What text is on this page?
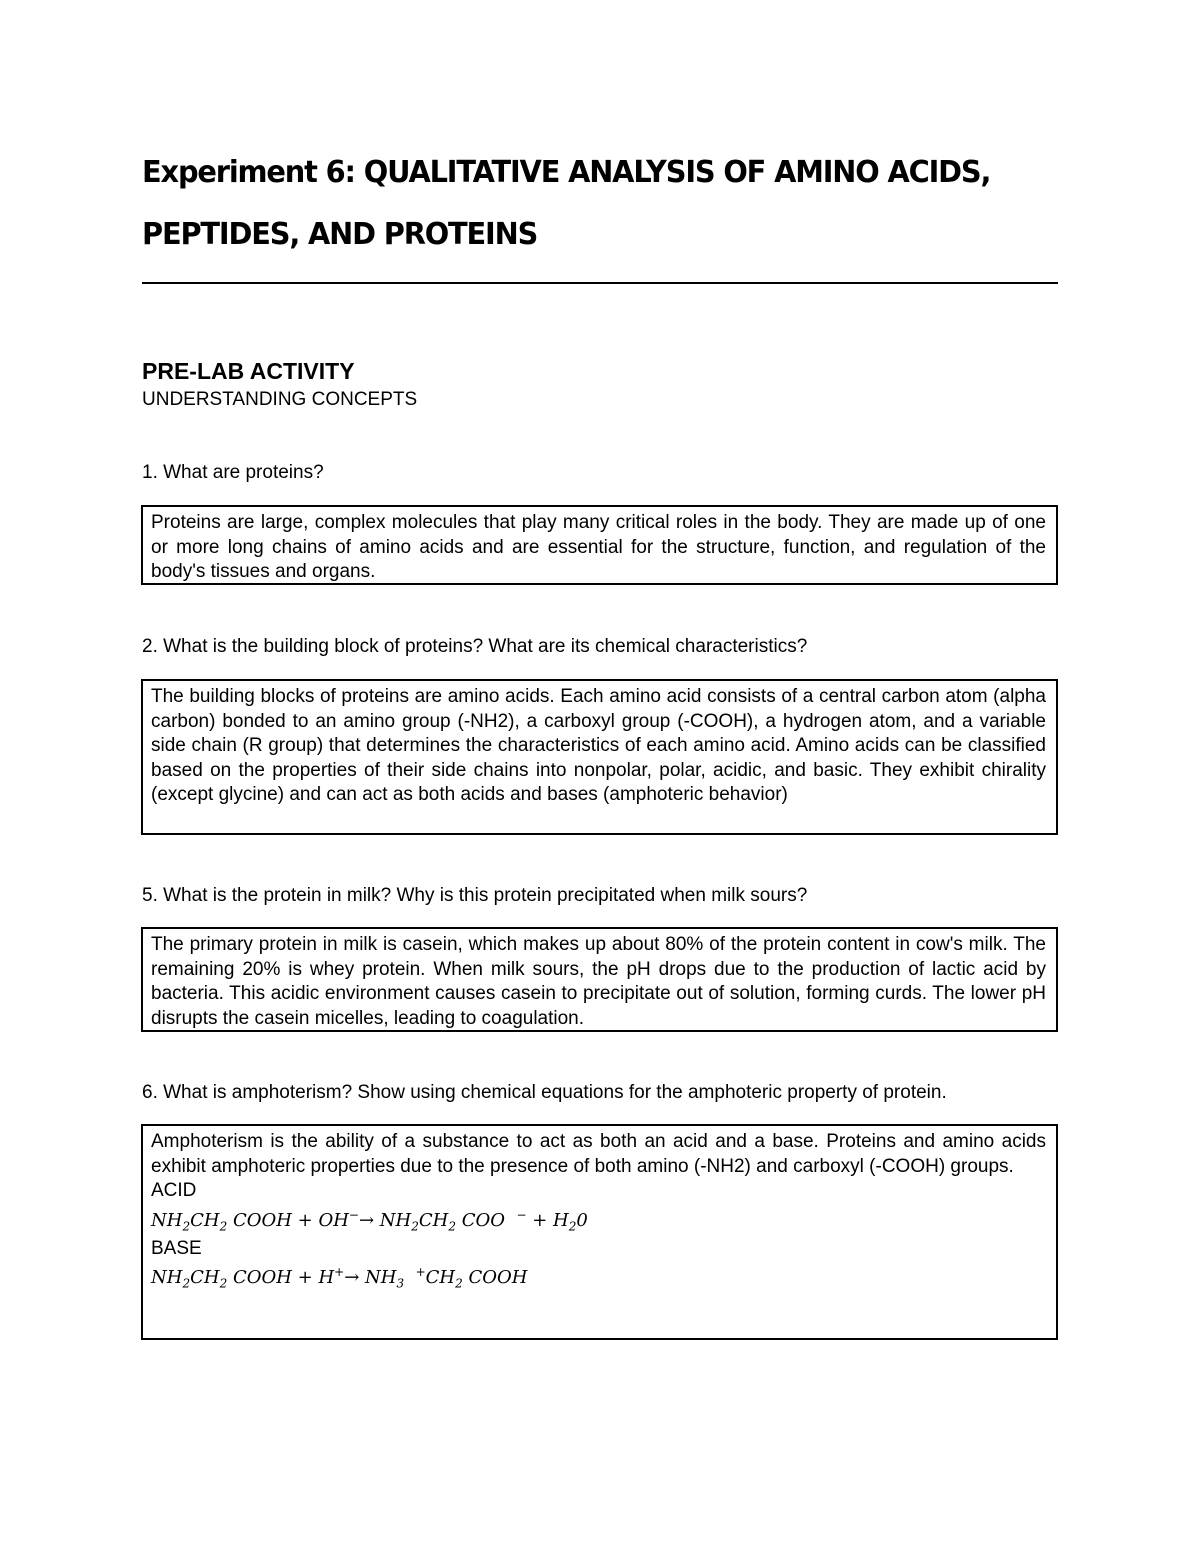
Experiment 6: QUALITATIVE ANALYSIS OF AMINO ACIDS, PEPTIDES, AND PROTEINS
PRE-LAB ACTIVITY
UNDERSTANDING CONCEPTS
1. What are proteins?

Proteins are large, complex molecules that play many critical roles in the body. They are made up of one or more long chains of amino acids and are essential for the structure, function, and regulation of the body's tissues and organs.

2. What is the building block of proteins? What are its chemical characteristics?

The building blocks of proteins are amino acids. Each amino acid consists of a central carbon atom (alpha carbon) bonded to an amino group (-NH2), a carboxyl group (-COOH), a hydrogen atom, and a variable side chain (R group) that determines the characteristics of each amino acid. Amino acids can be classified based on the properties of their side chains into nonpolar, polar, acidic, and basic. They exhibit chirality (except glycine) and can act as both acids and bases (amphoteric behavior)

5. What is the protein in milk? Why is this protein precipitated when milk sours?

The primary protein in milk is casein, which makes up about 80% of the protein content in cow's milk. The remaining 20% is whey protein. When milk sours, the pH drops due to the production of lactic acid by bacteria. This acidic environment causes casein to precipitate out of solution, forming curds. The lower pH disrupts the casein micelles, leading to coagulation.

6. What is amphoterism? Show using chemical equations for the amphoteric property of protein.

Amphoterism is the ability of a substance to act as both an acid and a base. Proteins and amino acids exhibit amphoteric properties due to the presence of both amino (-NH2) and carboxyl (-COOH) groups.

ACID

$NH_2CH_2$ COOH + $OH^-\to NH_2CH_2$ COO $^- + H_20$

BASE

$NH_2CH_2$ COOH + $H^+\to NH_3$  $^+CH_2$ COOH
